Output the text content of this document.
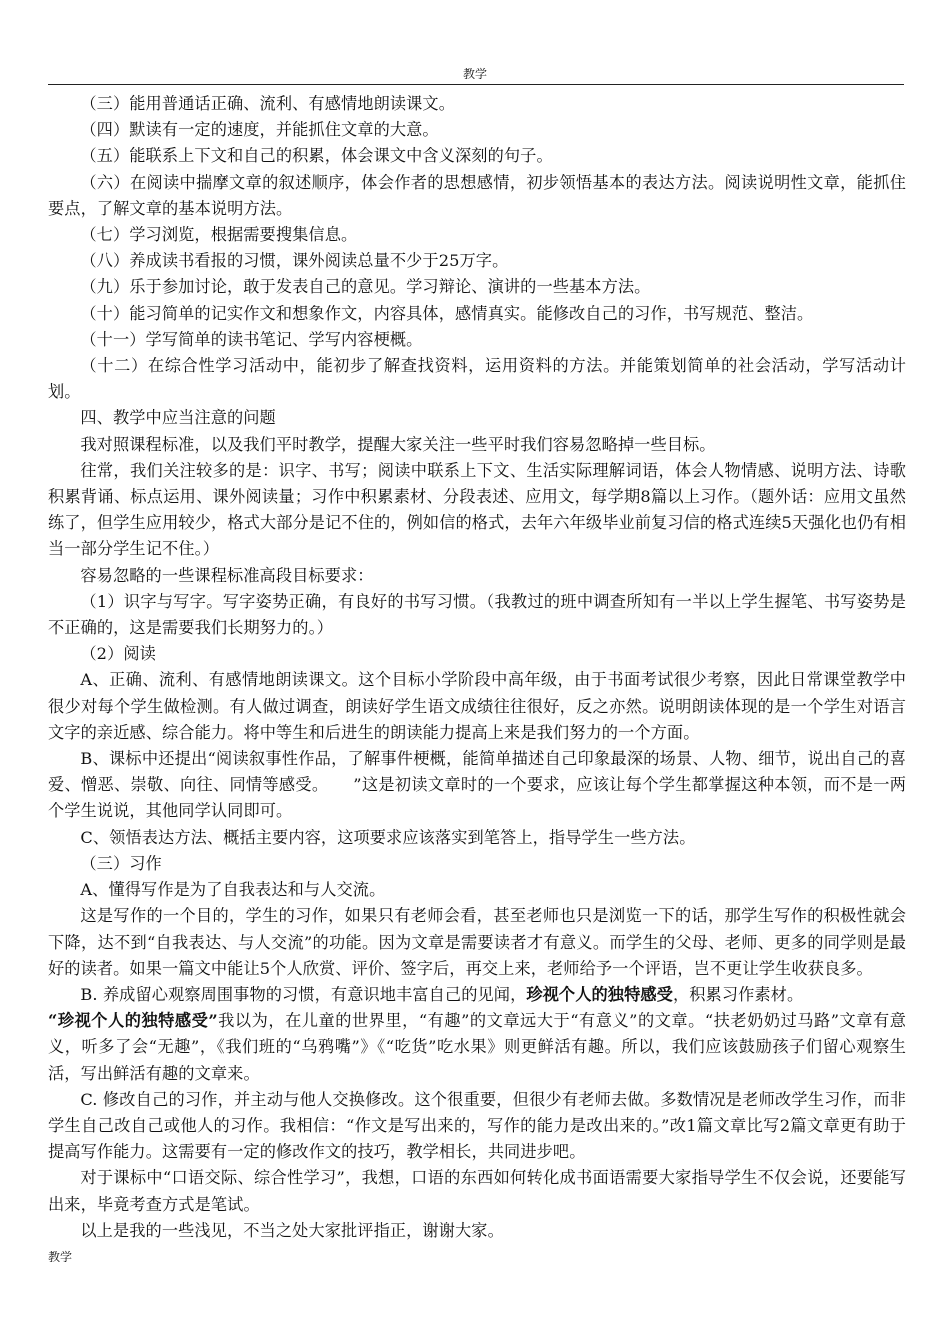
教学

（三）能用普通话正确、流利、有感情地朗读课文。

（四）默读有一定的速度，并能抓住文章的大意。

（五）能联系上下文和自己的积累，体会课文中含义深刻的句子。

（六）在阅读中揣摩文章的叙述顺序，体会作者的思想感情，初步领悟基本的表达方法。阅读说明性文章，能抓住要点，了解文章的基本说明方法。

（七）学习浏览，根据需要搜集信息。

（八）养成读书看报的习惯，课外阅读总量不少于25万字。

（九）乐于参加讨论，敢于发表自己的意见。学习辩论、演讲的一些基本方法。

（十）能习简单的记实作文和想象作文，内容具体，感情真实。能修改自己的习作，书写规范、整洁。

（十一）学写简单的读书笔记、学写内容梗概。

（十二）在综合性学习活动中，能初步了解查找资料，运用资料的方法。并能策划简单的社会活动，学写活动计划。

四、教学中应当注意的问题

我对照课程标准，以及我们平时教学，提醒大家关注一些平时我们容易忽略掉一些目标。

往常，我们关注较多的是：识字、书写；阅读中联系上下文、生活实际理解词语，体会人物情感、说明方法、诗歌积累背诵、标点运用、课外阅读量；习作中积累素材、分段表述、应用文，每学期8篇以上习作。（题外话：应用文虽然练了，但学生应用较少，格式大部分是记不住的，例如信的格式，去年六年级毕业前复习信的格式连续5天强化也仍有相当一部分学生记不住。）

容易忽略的一些课程标准高段目标要求：

（1）识字与写字。写字姿势正确，有良好的书写习惯。（我教过的班中调查所知有一半以上学生握笔、书写姿势是不正确的，这是需要我们长期努力的。）

（2）阅读

A、正确、流利、有感情地朗读课文。这个目标小学阶段中高年级，由于书面考试很少考察，因此日常课堂教学中很少对每个学生做检测。有人做过调查，朗读好学生语文成绩往往很好，反之亦然。说明朗读体现的是一个学生对语言文字的亲近感、综合能力。将中等生和后进生的朗读能力提高上来是我们努力的一个方面。

B、课标中还提出“阅读叙事性作品，了解事件梗概，能简单描述自己印象最深的场景、人物、细节，说出自己的喜爱、憎恶、崇敬、向往、同情等感受。　　”这是初读文章时的一个要求，应该让每个学生都掌握这种本领，而不是一两个学生说说，其他同学认同即可。

C、领悟表达方法、概括主要内容，这项要求应该落实到笔答上，指导学生一些方法。

（三）习作

A、懂得写作是为了自我表达和与人交流。

这是写作的一个目的，学生的习作，如果只有老师会看，甚至老师也只是浏览一下的话，那学生写作的积极性就会下降，达不到“自我表达、与人交流”的功能。因为文章是需要读者才有意义。而学生的父母、老师、更多的同学则是最好的读者。如果一篇文中能让5个人欣赏、评价、签字后，再交上来，老师给予一个评语，岂不更让学生收获良多。

B. 养成留心观察周围事物的习惯，有意识地丰富自己的见闻，珍视个人的独特感受，积累习作素材。

“珍视个人的独特感受”我以为，在儿童的世界里，“有趣”的文章远大于“有意义”的文章。“扶老奶奶过马路”文章有意义，听多了会“无趣”，《我们班的“乌鸦嘴”》《“吃货”吃水果》则更鲜活有趣。所以，我们应该鼓励孩子们留心观察生活，写出鲜活有趣的文章来。

C. 修改自己的习作，并主动与他人交换修改。这个很重要，但很少有老师去做。多数情况是老师改学生习作，而非学生自己改自己或他人的习作。我相信：“作文是写出来的，写作的能力是改出来的。”改1篇文章比写2篇文章更有助于提高写作能力。这需要有一定的修改作文的技巧，教学相长，共同进步吧。

对于课标中“口语交际、综合性学习”，我想，口语的东西如何转化成书面语需要大家指导学生不仅会说，还要能写出来，毕竟考查方式是笔试。

以上是我的一些浅见，不当之处大家批评指正，谢谢大家。

教学
